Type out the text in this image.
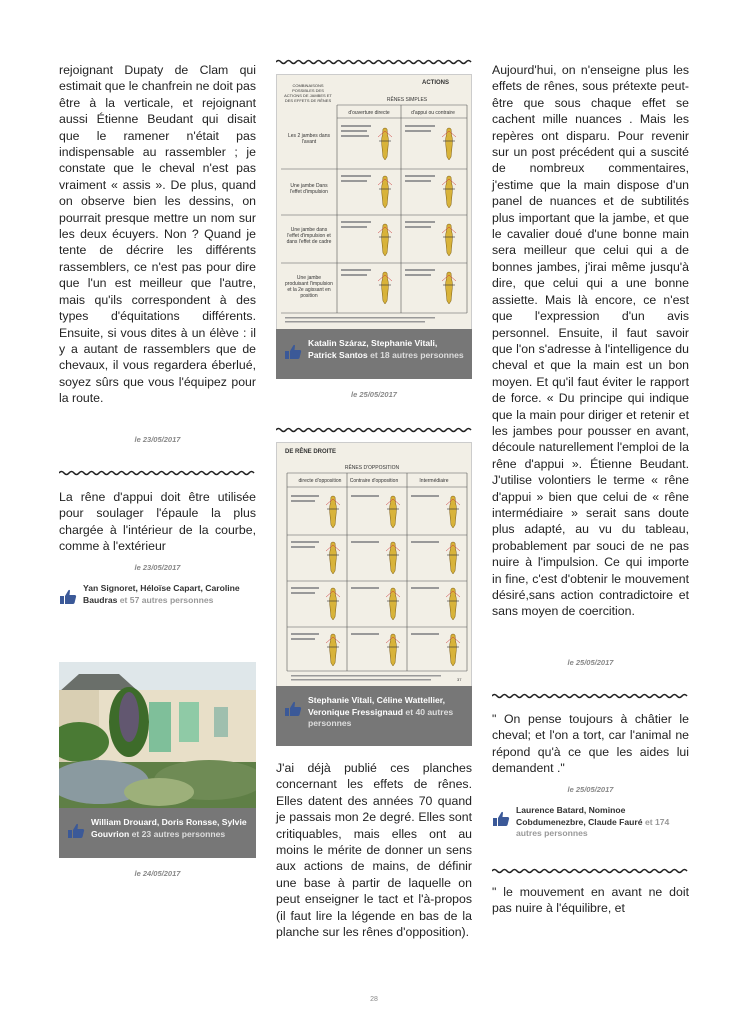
rejoignant Dupaty de Clam qui estimait que le chanfrein ne doit pas être à la verticale, et rejoignant aussi Étienne Beudant qui disait que le ramener n'était pas indispensable au rassembler ; je constate que le cheval n'est pas vraiment « assis ». De plus, quand on observe bien les dessins, on pourrait presque mettre un nom sur les deux écuyers. Non ? Quand je tente de décrire les différents rassemblers, ce n'est pas pour dire que l'un est meilleur que l'autre, mais qu'ils correspondent à des types d'équitations différents. Ensuite, si vous dites à un élève : il y a autant de rassemblers que de chevaux, il vous regardera éberlué, soyez sûrs que vous l'équipez pour la route.

le 23/05/2017

La rêne d'appui doit être utilisée pour soulager l'épaule la plus chargée à l'intérieur de la courbe, comme à l'extérieur

le 23/05/2017
Yan Signoret, Héloïse Capart, Caroline Baudras et 57 autres personnes
William Drouard, Doris Ronsse, Sylvie Gouvrion et 23 autres personnes
le 24/05/2017
ACTIONS
COMBINAISONS POSSIBLES DES ACTIONS DE JAMBES ET DES EFFETS DE RÊNES	RÊNES SIMPLES
d'ouverture directe	d'appui ou contraire
Les 2 jambes dans l'avant
Une jambe Dans l'effet d'impulsion
Une jambe dans l'effet d'impulsion et dans l'effet de cadre
Une jambe produisant l'impulsion et la 2e agissant en position
Katalin Száraz, Stephanie Vitali, Patrick Santos et 18 autres personnes
le 25/05/2017
DE RÊNE DROITE
RÊNES D'OPPOSITION
directe d'opposition	Contraire d'opposition	Intermédiaire
37
Stephanie Vitali, Céline Wattellier, Veronique Fressignaud et 40 autres personnes

J'ai déjà publié ces planches concernant les effets de rênes. Elles datent des années 70 quand je passais mon 2e degré. Elles sont critiquables, mais elles ont au moins le mérite de donner un sens aux actions de mains, de définir une base à partir de laquelle on peut enseigner le tact et l'à-propos (il faut lire la légende en bas de la planche sur les rênes d'opposition).

Aujourd'hui, on n'enseigne plus les effets de rênes, sous prétexte peut-être que sous chaque effet se cachent mille nuances . Mais les repères ont disparu. Pour revenir sur un post précédent qui a suscité de nombreux commentaires, j'estime que la main dispose d'un panel de nuances et de subtilités plus important que la jambe, et que le cavalier doué d'une bonne main sera meilleur que celui qui a de bonnes jambes, j'irai même jusqu'à dire, que celui qui a une bonne assiette. Mais là encore, ce n'est que l'expression d'un avis personnel. Ensuite, il faut savoir que l'on s'adresse à l'intelligence du cheval et que la main est un bon moyen. Et qu'il faut éviter le rapport de force. « Du principe qui indique que la main pour diriger et retenir et les jambes pour pousser en avant, découle naturellement l'emploi de la rêne d'appui ». Étienne Beudant. J'utilise volontiers le terme « rêne d'appui » bien que celui de « rêne intermédiaire » serait sans doute plus adapté, au vu du tableau, probablement par souci de ne pas nuire à l'impulsion. Ce qui importe in fine, c'est d'obtenir le mouvement désiré,sans action contradictoire et sans moyen de coercition.

le 25/05/2017

" On pense toujours à châtier le cheval; et l'on a tort, car l'animal ne répond qu'à ce que les aides lui demandent ."

le 25/05/2017
Laurence Batard, Nominoe Cobdumenezbre, Claude Fauré et 174 autres personnes

" le mouvement en avant ne doit pas nuire à l'équilibre, et

28
